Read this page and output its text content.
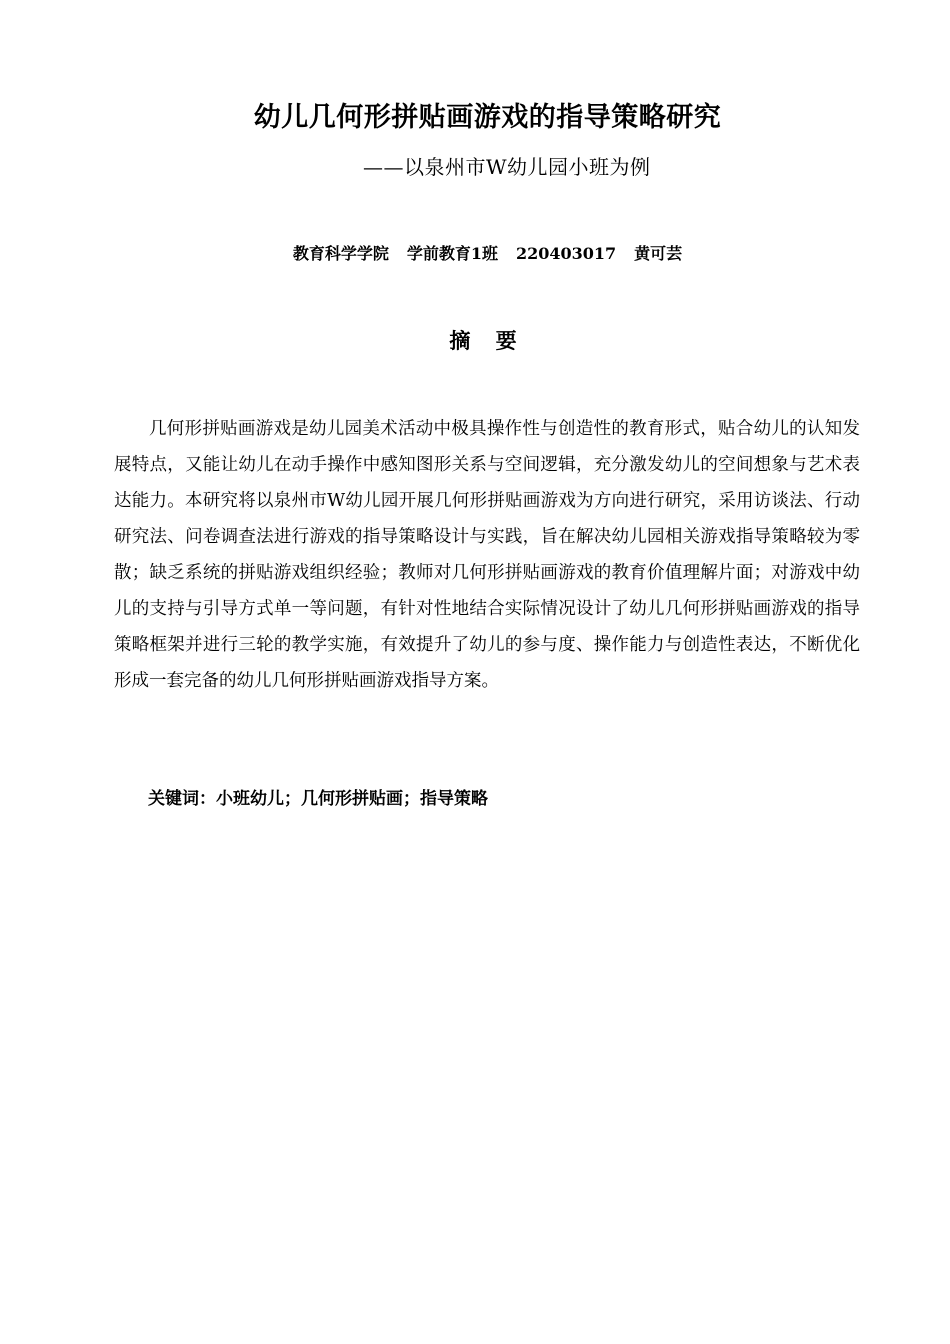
幼儿几何形拼贴画游戏的指导策略研究
——以泉州市W幼儿园小班为例
教育科学学院 学前教育1班 220403017 黄可芸
摘 要
几何形拼贴画游戏是幼儿园美术活动中极具操作性与创造性的教育形式，贴合幼儿的认知发展特点，又能让幼儿在动手操作中感知图形关系与空间逻辑，充分激发幼儿的空间想象与艺术表达能力。本研究将以泉州市W幼儿园开展几何形拼贴画游戏为方向进行研究，采用访谈法、行动研究法、问卷调查法进行游戏的指导策略设计与实践，旨在解决幼儿园相关游戏指导策略较为零散；缺乏系统的拼贴游戏组织经验；教师对几何形拼贴画游戏的教育价值理解片面；对游戏中幼儿的支持与引导方式单一等问题，有针对性地结合实际情况设计了幼儿几何形拼贴画游戏的指导策略框架并进行三轮的教学实施，有效提升了幼儿的参与度、操作能力与创造性表达，不断优化形成一套完备的幼儿几何形拼贴画游戏指导方案。
关键词：小班幼儿；几何形拼贴画；指导策略
